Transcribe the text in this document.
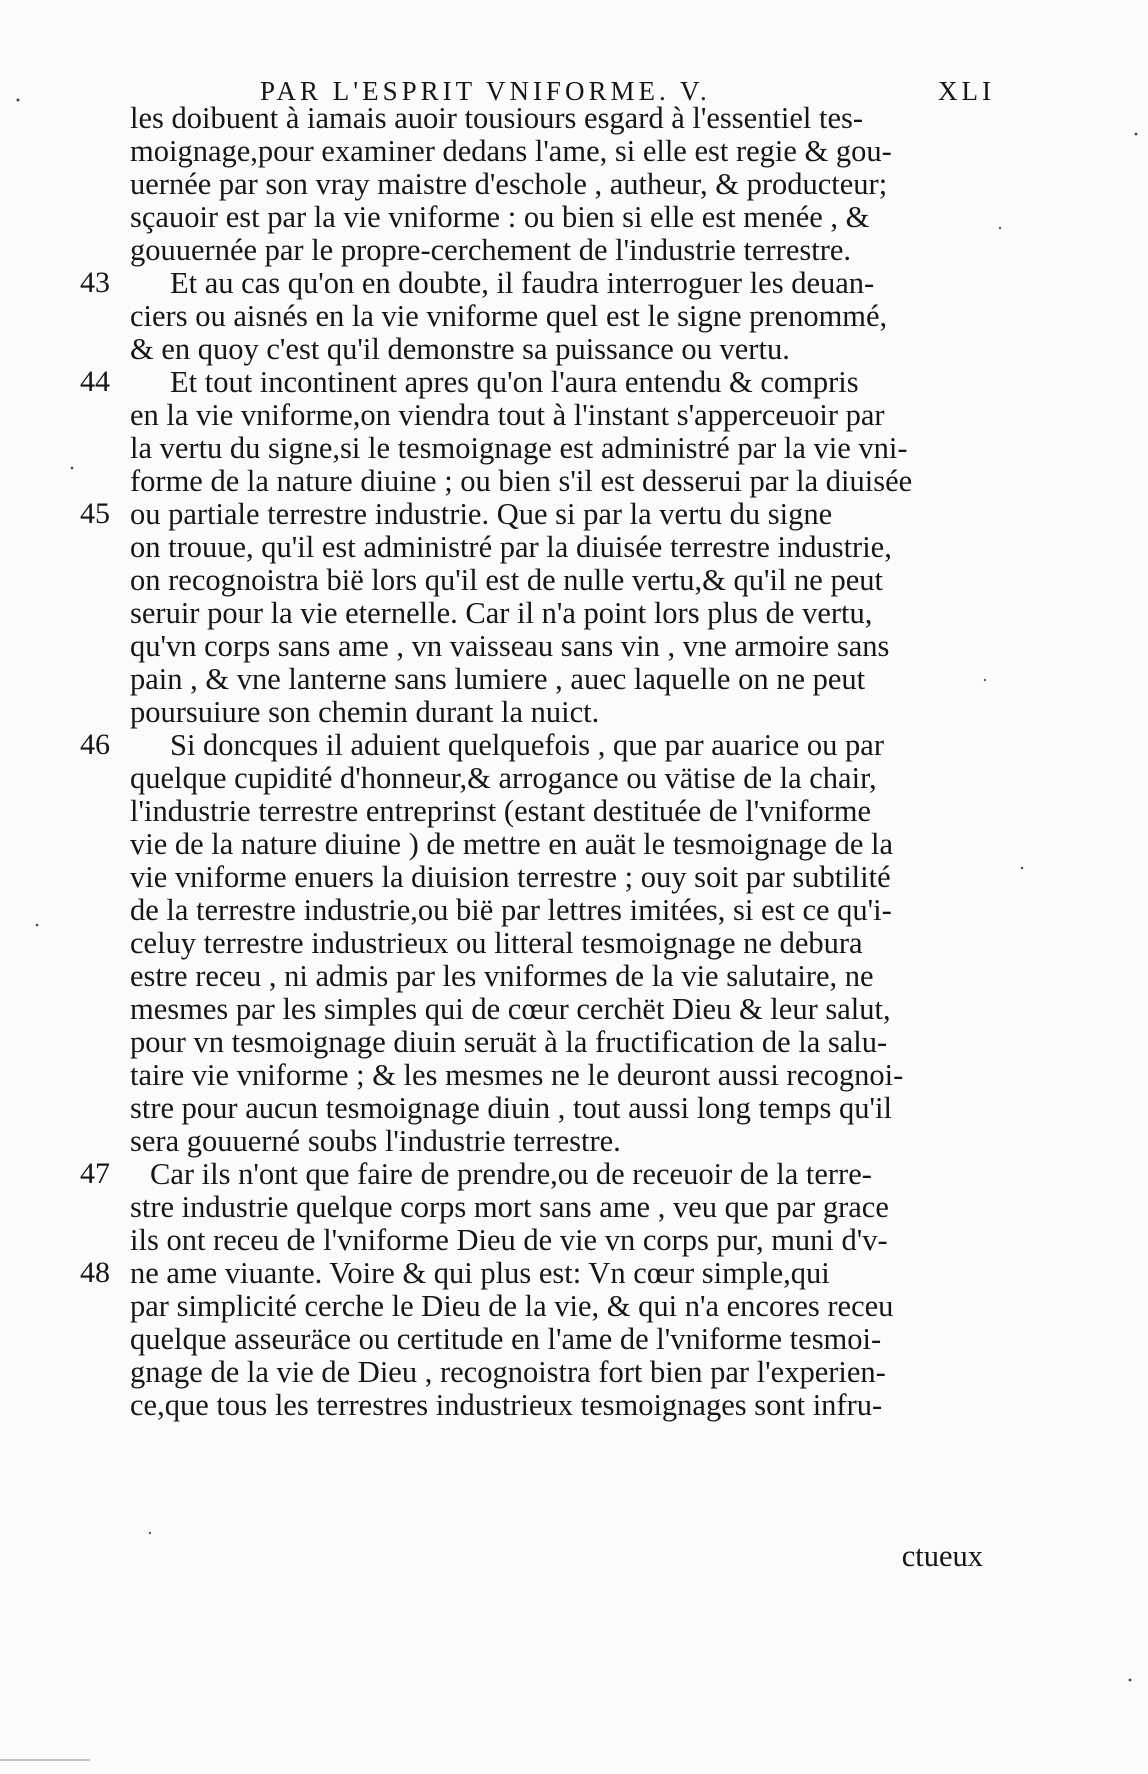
PAR L'ESPRIT VNIFORME. V.	XLI
les doibuent à iamais auoir tousiours esgard à l'essentiel tes-
moignage,pour examiner dedans l'ame, si elle est regie & gou-
uernée par son vray maistre d'eschole , autheur, & producteur;
sçauoir est par la vie vniforme : ou bien si elle est menée , &
gouuernée par le propre-cerchement de l'industrie terrestre.
43	Et au cas qu'on en doubte, il faudra interroguer les deuan-
ciers ou aisnés en la vie vniforme quel est le signe prenommé,
& en quoy c'est qu'il demonstre sa puissance ou vertu.
44	Et tout incontinent apres qu'on l'aura entendu & compris
en la vie vniforme,on viendra tout à l'instant s'apperceuoir par
la vertu du signe,si le tesmoignage est administré par la vie vni-
forme de la nature diuine ; ou bien s'il est desserui par la diuisée
45 ou partiale terrestre industrie. Que si par la vertu du signe
on trouue, qu'il est administré par la diuisée terrestre industrie,
on recognoistra bië lors qu'il est de nulle vertu,& qu'il ne peut
seruir pour la vie eternelle. Car il n'a point lors plus de vertu,
qu'vn corps sans ame , vn vaisseau sans vin , vne armoire sans
pain , & vne lanterne sans lumiere , auec laquelle on ne peut
poursuiure son chemin durant la nuict.
46	Si doncques il aduient quelquefois , que par auarice ou par
quelque cupidité d'honneur,& arrogance ou vätise de la chair,
l'industrie terrestre entreprinst (estant destituée de l'vniforme
vie de la nature diuine ) de mettre en auät le tesmoignage de la
vie vniforme enuers la diuision terrestre ; ouy soit par subtilité
de la terrestre industrie,ou bië par lettres imitées, si est ce qu'i-
celuy terrestre industrieux ou litteral tesmoignage ne debura
estre receu , ni admis par les vniformes de la vie salutaire, ne
mesmes par les simples qui de cœur cerchët Dieu & leur salut,
pour vn tesmoignage diuin seruät à la fructification de la salu-
taire vie vniforme ; & les mesmes ne le deuront aussi recognoi-
stre pour aucun tesmoignage diuin , tout aussi long temps qu'il
sera gouuerné soubs l'industrie terrestre.
47	Car ils n'ont que faire de prendre,ou de receuoir de la terre-
stre industrie quelque corps mort sans ame , veu que par grace
ils ont receu de l'vniforme Dieu de vie vn corps pur, muni d'v-
48 ne ame viuante. Voire & qui plus est: Vn cœur simple,qui
par simplicité cerche le Dieu de la vie, & qui n'a encores receu
quelque asseuräce ou certitude en l'ame de l'vniforme tesmoi-
gnage de la vie de Dieu , recognoistra fort bien par l'experien-
ce,que tous les terrestres industrieux tesmoignages sont infru-
ctueux
